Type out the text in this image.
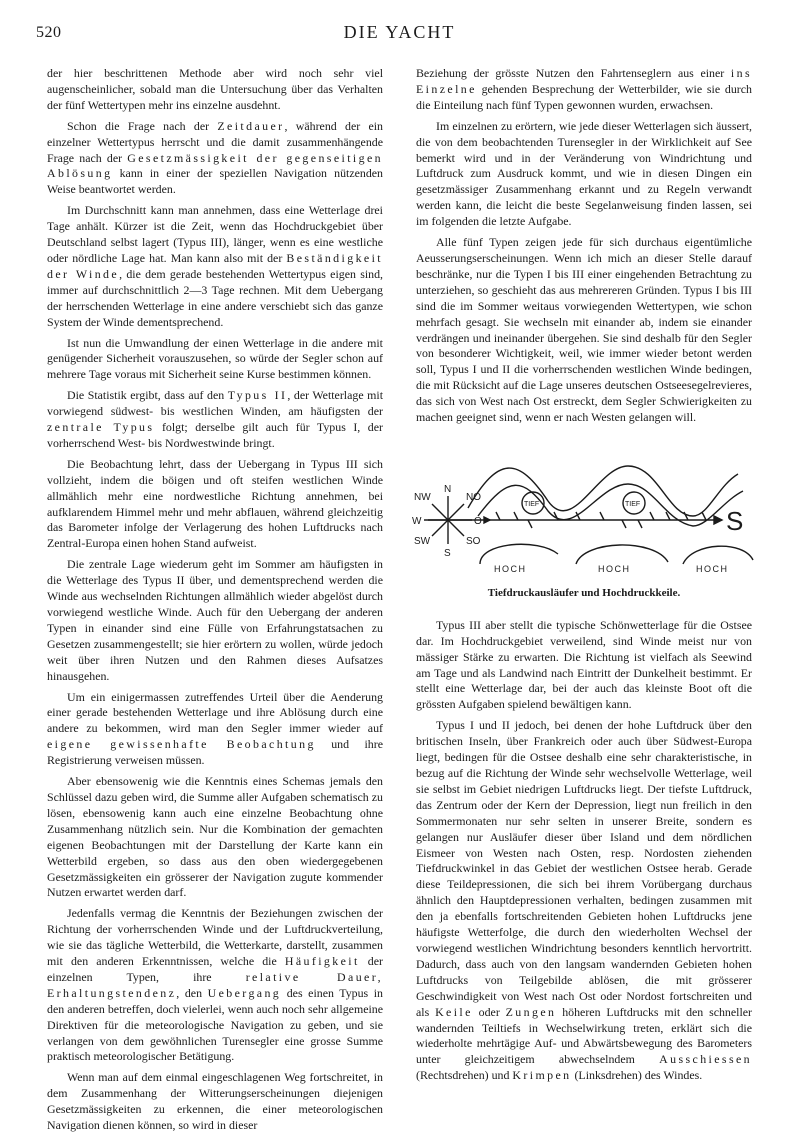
520	DIE YACHT

der hier beschrittenen Methode aber wird noch sehr viel augenscheinlicher, sobald man die Untersuchung über das Verhalten der fünf Wettertypen mehr ins einzelne ausdehnt.

Schon die Frage nach der Zeitdauer, während der ein einzelner Wettertypus herrscht und die damit zusammenhängende Frage nach der Gesetzmässigkeit der gegenseitigen Ablösung kann in einer der speziellen Navigation nützenden Weise beantwortet werden.

Im Durchschnitt kann man annehmen, dass eine Wetterlage drei Tage anhält. Kürzer ist die Zeit, wenn das Hochdruckgebiet über Deutschland selbst lagert (Typus III), länger, wenn es eine westliche oder nördliche Lage hat. Man kann also mit der Beständigkeit der Winde, die dem gerade bestehenden Wettertypus eigen sind, immer auf durchschnittlich 2—3 Tage rechnen. Mit dem Uebergang der herrschenden Wetterlage in eine andere verschiebt sich das ganze System der Winde dementsprechend.

Ist nun die Umwandlung der einen Wetterlage in die andere mit genügender Sicherheit vorauszusehen, so würde der Segler schon auf mehrere Tage voraus mit Sicherheit seine Kurse bestimmen können.

Die Statistik ergibt, dass auf den Typus II, der Wetterlage mit vorwiegend südwest- bis westlichen Winden, am häufigsten der zentrale Typus folgt; derselbe gilt auch für Typus I, der vorherrschend West- bis Nordwestwinde bringt.

Die Beobachtung lehrt, dass der Uebergang in Typus III sich vollzieht, indem die böigen und oft steifen westlichen Winde allmählich mehr eine nordwestliche Richtung annehmen, bei aufklarendem Himmel mehr und mehr abflauen, während gleichzeitig das Barometer infolge der Verlagerung des hohen Luftdrucks nach Zentral-Europa einen hohen Stand aufweist.

Die zentrale Lage wiederum geht im Sommer am häufigsten in die Wetterlage des Typus II über, und dementsprechend werden die Winde aus wechselnden Richtungen allmählich wieder abgelöst durch vorwiegend westliche Winde. Auch für den Uebergang der anderen Typen in einander sind eine Fülle von Erfahrungstatsachen zu Gesetzen zusammengestellt; sie hier erörtern zu wollen, würde jedoch weit über ihren Nutzen und den Rahmen dieses Aufsatzes hinausgehen.

Um ein einigermassen zutreffendes Urteil über die Aenderung einer gerade bestehenden Wetterlage und ihre Ablösung durch eine andere zu bekommen, wird man den Segler immer wieder auf eigene gewissenhafte Beobachtung und ihre Registrierung verweisen müssen.

Aber ebensowenig wie die Kenntnis eines Schemas jemals den Schlüssel dazu geben wird, die Summe aller Aufgaben schematisch zu lösen, ebensowenig kann auch eine einzelne Beobachtung ohne Zusammenhang nützlich sein. Nur die Kombination der gemachten eigenen Beobachtungen mit der Darstellung der Karte kann ein Wetterbild ergeben, so dass aus den oben wiedergegebenen Gesetzmässigkeiten ein grösserer der Navigation zugute kommender Nutzen erwartet werden darf.

Jedenfalls vermag die Kenntnis der Beziehungen zwischen der Richtung der vorherrschenden Winde und der Luftdruckverteilung, wie sie das tägliche Wetterbild, die Wetterkarte, darstellt, zusammen mit den anderen Erkenntnissen, welche die Häufigkeit der einzelnen Typen, ihre relative Dauer, Erhaltungstendenz, den Uebergang des einen Typus in den anderen betreffen, doch vielerlei, wenn auch noch sehr allgemeine Direktiven für die meteorologische Navigation zu geben, und sie verlangen von dem gewöhnlichen Turensegler eine grosse Summe praktisch meteorologischer Betätigung.

Wenn man auf dem einmal eingeschlagenen Weg fortschreitet, in dem Zusammenhang der Witterungserscheinungen diejenigen Gesetzmässigkeiten zu erkennen, die einer meteorologischen Navigation dienen können, so wird in dieser

Beziehung der grösste Nutzen den Fahrtenseglern aus einer ins Einzelne gehenden Besprechung der Wetterbilder, wie sie durch die Einteilung nach fünf Typen gewonnen wurden, erwachsen.

Im einzelnen zu erörtern, wie jede dieser Wetterlagen sich äussert, die von dem beobachtenden Turensegler in der Wirklichkeit auf See bemerkt wird und in der Veränderung von Windrichtung und Luftdruck zum Ausdruck kommt, und wie in diesen Dingen ein gesetzmässiger Zusammenhang erkannt und zu Regeln verwandt werden kann, die leicht die beste Segelanweisung finden lassen, sei im folgenden die letzte Aufgabe.

Alle fünf Typen zeigen jede für sich durchaus eigentümliche Aeusserungserscheinungen. Wenn ich mich an dieser Stelle darauf beschränke, nur die Typen I bis III einer eingehenden Betrachtung zu unterziehen, so geschieht das aus mehrereren Gründen. Typus I bis III sind die im Sommer weitaus vorwiegenden Wettertypen, wie schon mehrfach gesagt. Sie wechseln mit einander ab, indem sie einander verdrängen und ineinander übergehen. Sie sind deshalb für den Segler von besonderer Wichtigkeit, weil, wie immer wieder betont werden soll, Typus I und II die vorherrschenden westlichen Winde bedingen, die mit Rücksicht auf die Lage unseres deutschen Ostseesegelrevieres, das sich von West nach Ost erstreckt, dem Segler Schwierigkeiten zu machen geeignet sind, wenn er nach Westen gelangen will.

N
S
W	O
NW	NO
SW	SO
TIEF	TIEF
HOCH	HOCH	HOCH
S
Tiefdruckausläufer und Hochdruckkeile.

Typus III aber stellt die typische Schönwetterlage für die Ostsee dar. Im Hochdruckgebiet verweilend, sind Winde meist nur von mässiger Stärke zu erwarten. Die Richtung ist vielfach als Seewind am Tage und als Landwind nach Eintritt der Dunkelheit bestimmt. Er stellt eine Wetterlage dar, bei der auch das kleinste Boot oft die grössten Aufgaben spielend bewältigen kann.

Typus I und II jedoch, bei denen der hohe Luftdruck über den britischen Inseln, über Frankreich oder auch über Südwest-Europa liegt, bedingen für die Ostsee deshalb eine sehr charakteristische, in bezug auf die Richtung der Winde sehr wechselvolle Wetterlage, weil sie selbst im Gebiet niedrigen Luftdrucks liegt. Der tiefste Luftdruck, das Zentrum oder der Kern der Depression, liegt nun freilich in den Sommermonaten nur sehr selten in unserer Breite, sondern es gelangen nur Ausläufer dieser über Island und dem nördlichen Eismeer von Westen nach Osten, resp. Nordosten ziehenden Tiefdruckwinkel in das Gebiet der westlichen Ostsee herab. Gerade diese Teildepressionen, die sich bei ihrem Vorübergang durchaus ähnlich den Hauptdepressionen verhalten, bedingen zusammen mit den ja ebenfalls fortschreitenden Gebieten hohen Luftdrucks jene häufigste Wetterfolge, die durch den wiederholten Wechsel der vorwiegend westlichen Windrichtung besonders kenntlich hervortritt. Dadurch, dass auch von den langsam wandernden Gebieten hohen Luftdrucks von Teilgebilde ablösen, die mit grösserer Geschwindigkeit von West nach Ost oder Nordost fortschreiten und als Keile oder Zungen höheren Luftdrucks mit den schneller wandernden Teiltiefs in Wechselwirkung treten, erklärt sich die wiederholte mehrtägige Auf- und Abwärtsbewegung des Barometers unter gleichzeitigem abwechselndem Ausschiessen (Rechtsdrehen) und Krimpen (Linksdrehen) des Windes.
